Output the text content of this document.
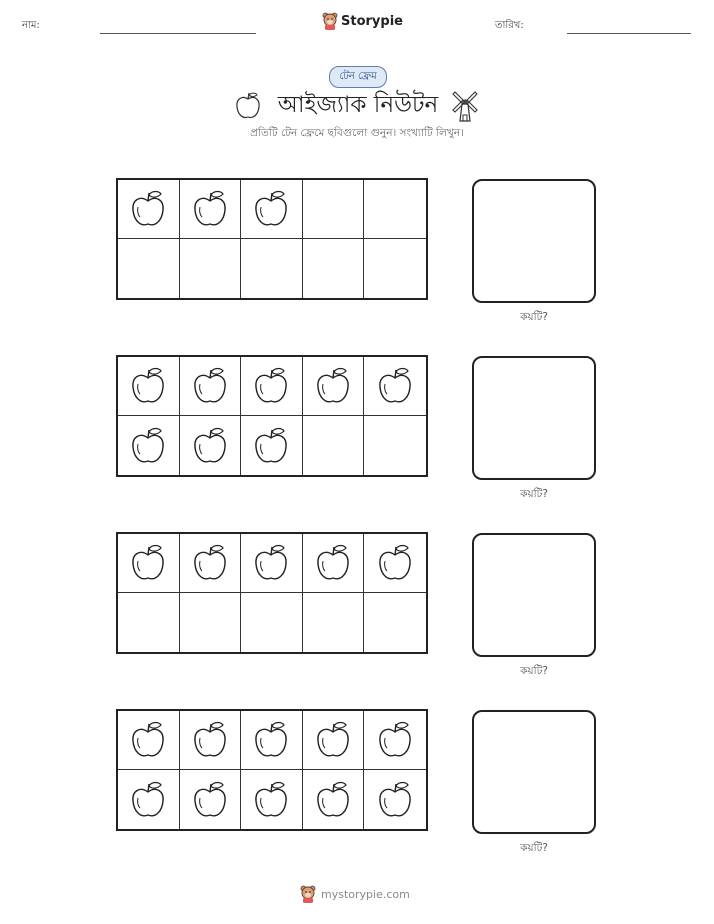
নাম:	Storypie	তারিখ:
টেন ফ্রেম
আইজ্যাক নিউটন
প্রতিটি টেন ফ্রেমে ছবিগুলো গুনুন। সংখ্যাটি লিখুন।
কয়টি?
কয়টি?
কয়টি?
কয়টি?
mystorypie.com
